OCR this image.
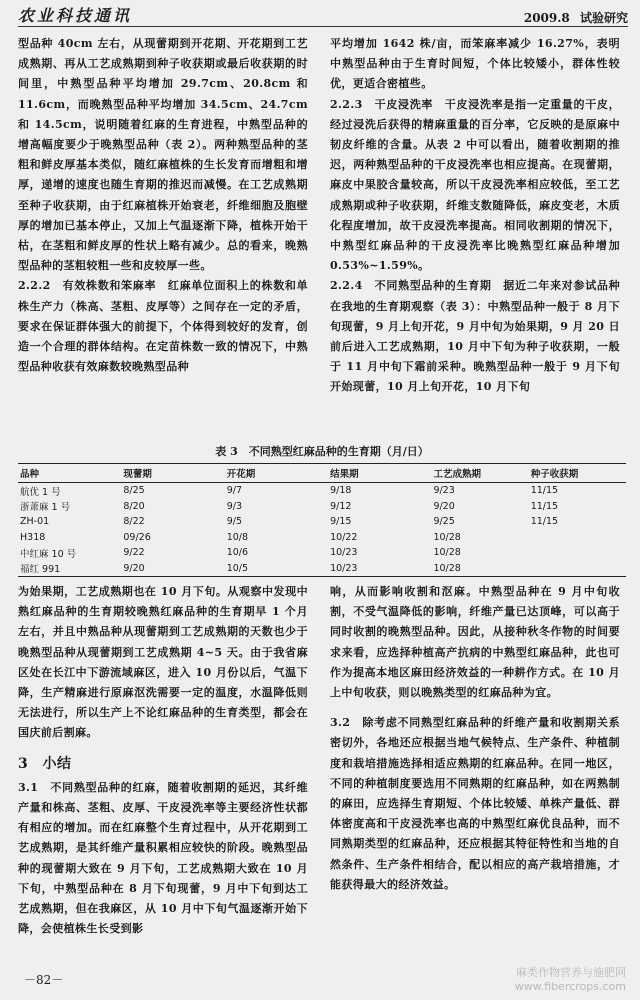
农业科技通讯	2009.8 试验研究

型品种 40cm 左右，从现蕾期到开花期、开花期到工艺成熟期、再从工艺成熟期到种子收获期或最后收获期的时间里，中熟型品种平均增加 29.7cm、20.8cm 和 11.6cm，而晚熟型品种平均增加 34.5cm、24.7cm 和 14.5cm，说明随着红麻的生育进程，中熟型品种的增高幅度要少于晚熟型品种（表 2）。两种熟型品种的茎粗和鲜皮厚基本类似，随红麻植株的生长发育而增粗和增厚，递增的速度也随生育期的推迟而减慢。在工艺成熟期至种子收获期，由于红麻植株开始衰老，纤维细胞及胞壁厚的增加已基本停止，又加上气温逐渐下降，植株开始干枯，在茎粗和鲜皮厚的性状上略有减少。总的看来，晚熟型品种的茎粗较粗一些和皮较厚一些。

2.2.2　有效株数和笨麻率　红麻单位面积上的株数和单株生产力（株高、茎粗、皮厚等）之间存在一定的矛盾，要求在保证群体强大的前提下，个体得到较好的发育，创造一个合理的群体结构。在定苗株数一致的情况下，中熟型品种收获有效麻数较晚熟型品种

平均增加 1642 株/亩，而笨麻率减少 16.27%，表明中熟型品种由于生育时间短，个体比较矮小，群体性较优，更适合密植些。

2.2.3　干皮浸洗率　干皮浸洗率是指一定重量的干皮，经过浸洗后获得的精麻重量的百分率，它反映的是原麻中韧皮纤维的含量。从表 2 中可以看出，随着收割期的推迟，两种熟型品种的干皮浸洗率也相应提高。在现蕾期，麻皮中果胶含量较高，所以干皮浸洗率相应较低，至工艺成熟期或种子收获期，纤维支数随降低，麻皮变老，木质化程度增加，故干皮浸洗率提高。相同收割期的情况下，中熟型红麻品种的干皮浸洗率比晚熟型红麻品种增加 0.53%~1.59%。

2.2.4　不同熟型品种的生育期　据近二年来对参试品种在我地的生育期观察（表 3）：中熟型品种一般于 8 月下旬现蕾，9 月上旬开花，9 月中旬为始果期，9 月 20 日前后进入工艺成熟期，10 月中下旬为种子收获期，一般于 11 月中旬下霜前采种。晚熟型品种一般于 9 月下旬开始现蕾，10 月上旬开花，10 月下旬

表 3　不同熟型红麻品种的生育期（月/日）
品种	现蕾期	开花期	结果期	工艺成熟期	种子收获期
航优 1 号	8/25	9/7	9/18	9/23	11/15
浙萧麻 1 号	8/20	9/3	9/12	9/20	11/15
ZH-01	8/22	9/5	9/15	9/25	11/15
H318	09/26	10/8	10/22	10/28	
中红麻 10 号	9/22	10/6	10/23	10/28	
福红 991	9/20	10/5	10/23	10/28	

为始果期，工艺成熟期也在 10 月下旬。从观察中发现中熟红麻品种的生育期较晚熟红麻品种的生育期早 1 个月左右，并且中熟品种从现蕾期到工艺成熟期的天数也少于晚熟型品种从现蕾期到工艺成熟期 4~5 天。由于我省麻区处在长江中下游流域麻区，进入 10 月份以后，气温下降，生产精麻进行原麻沤洗需要一定的温度，水温降低则无法进行，所以生产上不论红麻品种的生育类型，都会在国庆前后割麻。

3　小结

3.1　不同熟型品种的红麻，随着收割期的延迟，其纤维产量和株高、茎粗、皮厚、干皮浸洗率等主要经济性状都有相应的增加。而在红麻整个生育过程中，从开花期到工艺成熟期，是其纤维产量积累相应较快的阶段。晚熟型品种的现蕾期大致在 9 月下旬，工艺成熟期大致在 10 月下旬，中熟型品种在 8 月下旬现蕾，9 月中下旬到达工艺成熟期，但在我麻区，从 10 月中下旬气温逐渐开始下降，会使植株生长受到影

响，从而影响收割和沤麻。中熟型品种在 9 月中旬收割，不受气温降低的影响，纤维产量已达顶峰，可以高于同时收割的晚熟型品种。因此，从接种秋冬作物的时间要求来看，应选择种植高产抗病的中熟型红麻品种，此也可作为提高本地区麻田经济效益的一种耕作方式。在 10 月上中旬收获，则以晚熟类型的红麻品种为宜。

3.2　除考虑不同熟型红麻品种的纤维产量和收割期关系密切外，各地还应根据当地气候特点、生产条件、种植制度和栽培措施选择相适应熟期的红麻品种。在同一地区，不同的种植制度要选用不同熟期的红麻品种，如在两熟制的麻田，应选择生育期短、个体比较矮、单株产量低、群体密度高和干皮浸洗率也高的中熟型红麻优良品种，而不同熟期类型的红麻品种，还应根据其特征特性和当地的自然条件、生产条件相结合，配以相应的高产栽培措施，才能获得最大的经济效益。

－82－
麻类作物营养与施肥网
www.fibercrops.com
